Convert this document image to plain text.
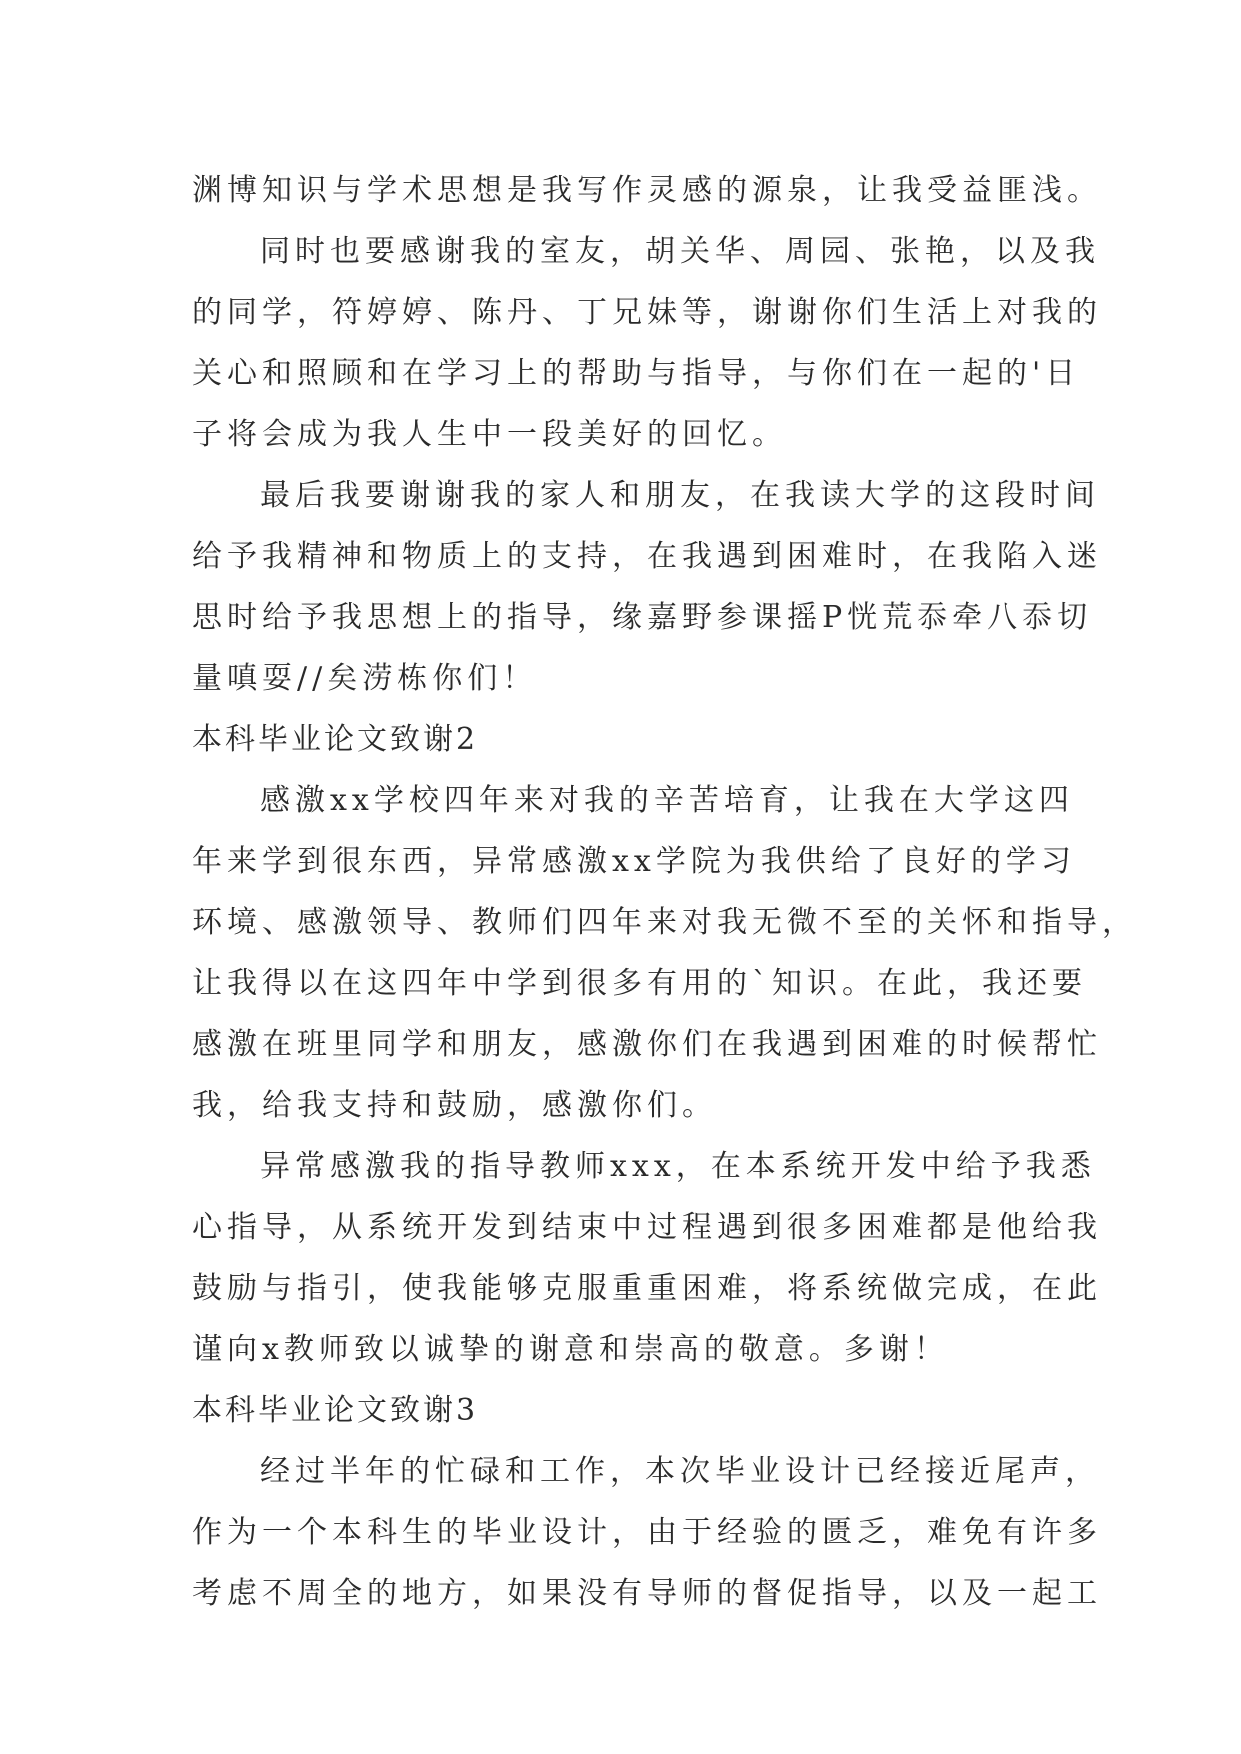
渊博知识与学术思想是我写作灵感的源泉，让我受益匪浅。
同时也要感谢我的室友，胡关华、周园、张艳，以及我
的同学，符婷婷、陈丹、丁兄妹等，谢谢你们生活上对我的
关心和照顾和在学习上的帮助与指导，与你们在一起的'日
子将会成为我人生中一段美好的回忆。
最后我要谢谢我的家人和朋友，在我读大学的这段时间
给予我精神和物质上的支持，在我遇到困难时，在我陷入迷
思时给予我思想上的指导，缘嘉野参课摇P恍荒忝牵八忝切
量嗔耍//矣涝栋你们！
本科毕业论文致谢2
感激xx学校四年来对我的辛苦培育，让我在大学这四
年来学到很东西，异常感激xx学院为我供给了良好的学习
环境、感激领导、教师们四年来对我无微不至的关怀和指导，
让我得以在这四年中学到很多有用的`知识。在此，我还要
感激在班里同学和朋友，感激你们在我遇到困难的时候帮忙
我，给我支持和鼓励，感激你们。
异常感激我的指导教师xxx，在本系统开发中给予我悉
心指导，从系统开发到结束中过程遇到很多困难都是他给我
鼓励与指引，使我能够克服重重困难，将系统做完成，在此
谨向x教师致以诚挚的谢意和崇高的敬意。多谢！
本科毕业论文致谢3
经过半年的忙碌和工作，本次毕业设计已经接近尾声，
作为一个本科生的毕业设计，由于经验的匮乏，难免有许多
考虑不周全的地方，如果没有导师的督促指导，以及一起工
